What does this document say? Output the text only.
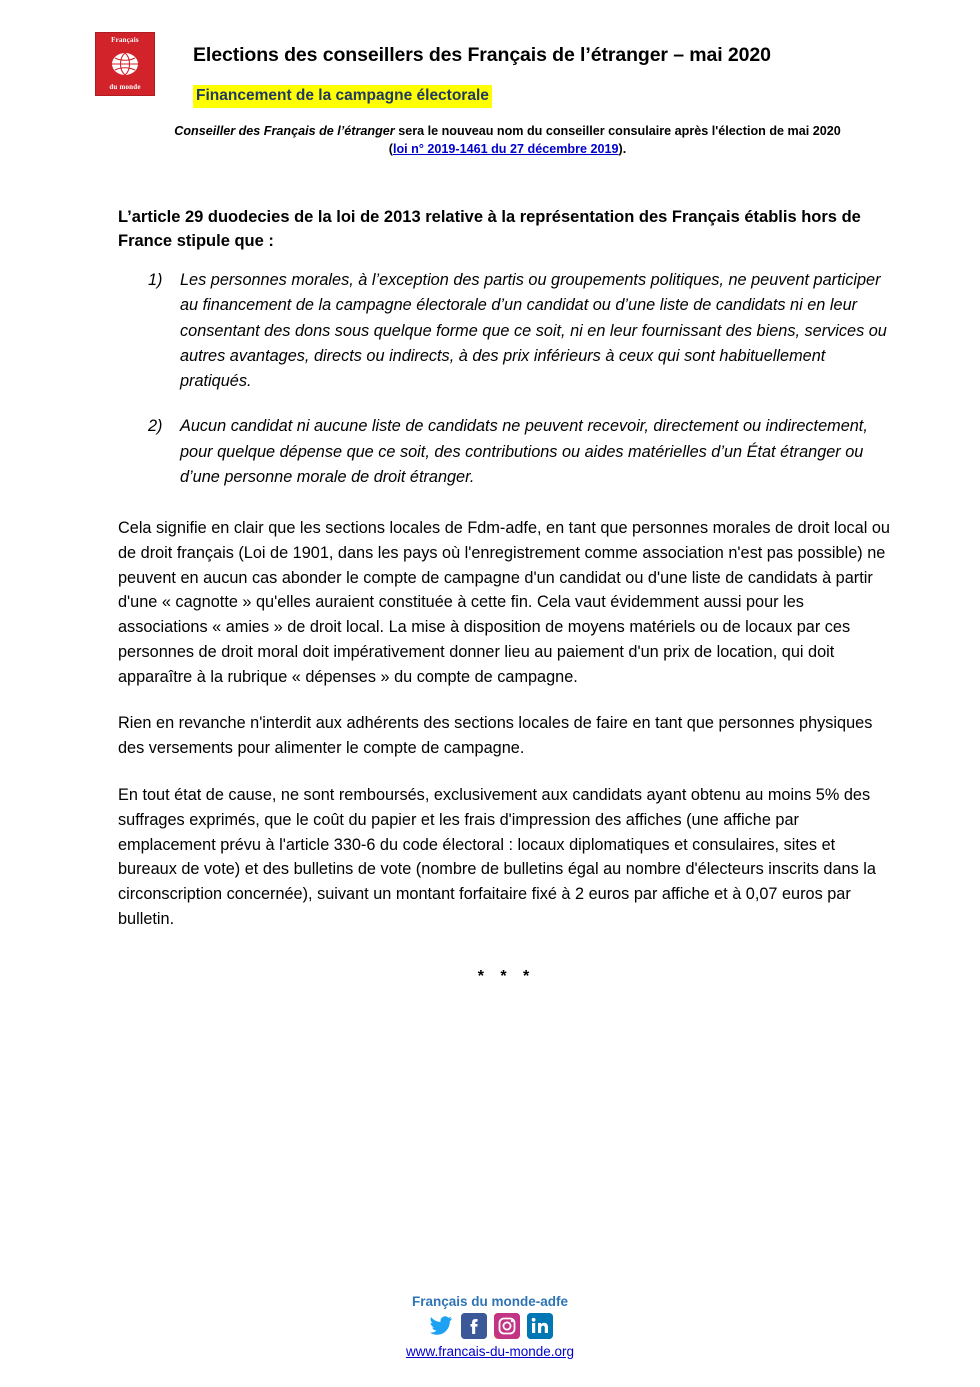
Français
du monde
Elections des conseillers des Français de l’étranger – mai 2020
Financement de la campagne électorale
Conseiller des Français de l’étranger sera le nouveau nom du conseiller consulaire après l'élection de mai 2020
(loi n° 2019-1461 du 27 décembre 2019).

L’article 29 duodecies de la loi de 2013 relative à la représentation des Français établis hors de France stipule que :

1) Les personnes morales, à l’exception des partis ou groupements politiques, ne peuvent participer au financement de la campagne électorale d’un candidat ou d’une liste de candidats ni en leur consentant des dons sous quelque forme que ce soit, ni en leur fournissant des biens, services ou autres avantages, directs ou indirects, à des prix inférieurs à ceux qui sont habituellement pratiqués.
2) Aucun candidat ni aucune liste de candidats ne peuvent recevoir, directement ou indirectement, pour quelque dépense que ce soit, des contributions ou aides matérielles d’un État étranger ou d’une personne morale de droit étranger.

Cela signifie en clair que les sections locales de Fdm-adfe, en tant que personnes morales de droit local ou de droit français (Loi de 1901, dans les pays où l'enregistrement comme association n'est pas possible) ne peuvent en aucun cas abonder le compte de campagne d'un candidat ou d'une liste de candidats à partir d'une « cagnotte » qu'elles auraient constituée à cette fin. Cela vaut évidemment aussi pour les associations « amies » de droit local. La mise à disposition de moyens matériels ou de locaux par ces personnes de droit moral doit impérativement donner lieu au paiement d'un prix de location, qui doit apparaître à la rubrique « dépenses » du compte de campagne.

Rien en revanche n'interdit aux adhérents des sections locales de faire en tant que personnes physiques des versements pour alimenter le compte de campagne.

En tout état de cause, ne sont remboursés, exclusivement aux candidats ayant obtenu au moins 5% des suffrages exprimés, que le coût du papier et les frais d'impression des affiches (une affiche par emplacement prévu à l'article 330-6 du code électoral : locaux diplomatiques et consulaires, sites et bureaux de vote) et des bulletins de vote (nombre de bulletins égal au nombre d'électeurs inscrits dans la circonscription concernée), suivant un montant forfaitaire fixé à 2 euros par affiche et à 0,07 euros par bulletin.

* * *
Français du monde-adfe
www.francais-du-monde.org
